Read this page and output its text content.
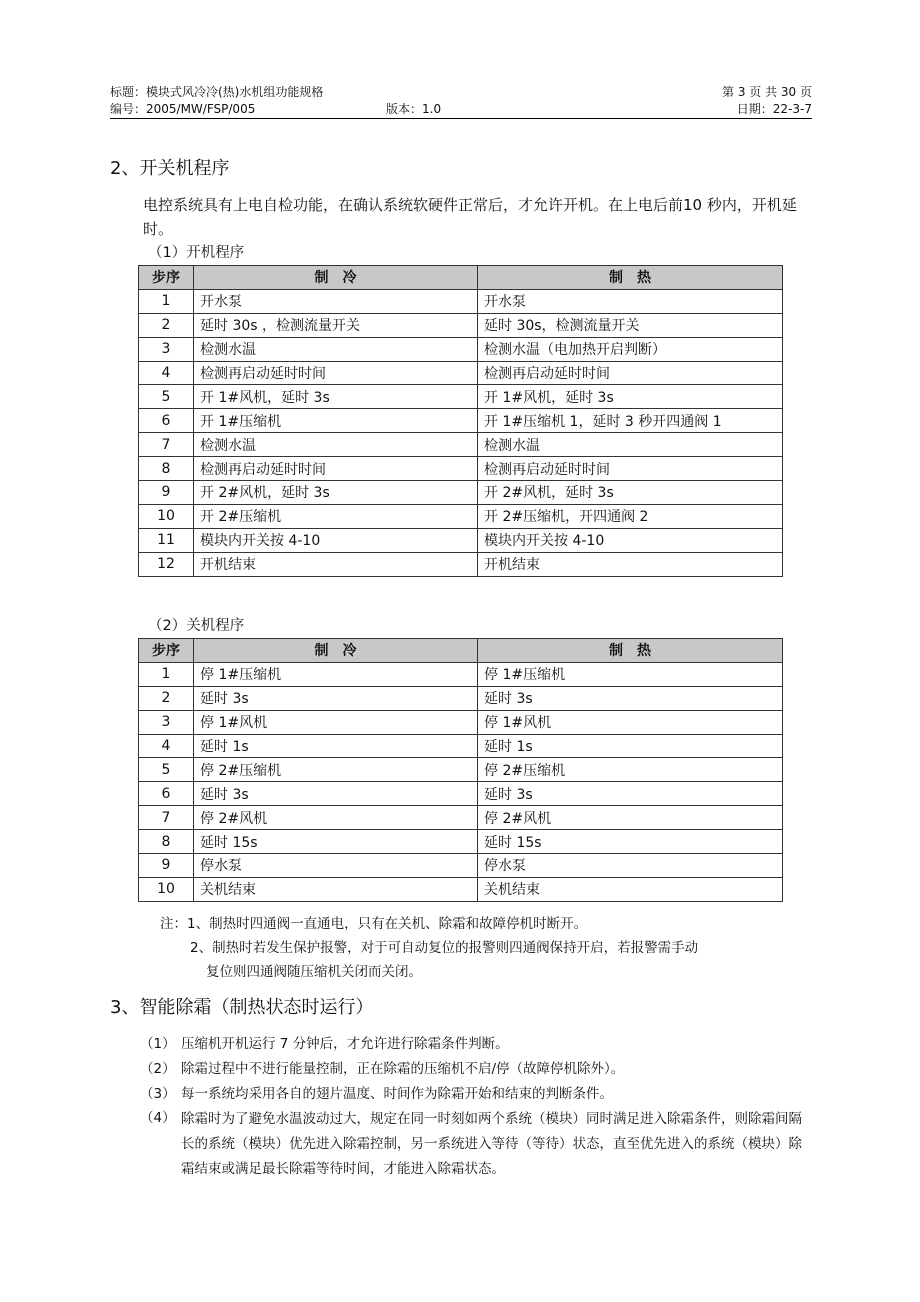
标题：模块式风冷冷(热)水机组功能规格	第 3 页 共 30 页
编号：2005/MW/FSP/005	版本：1.0	日期：22-3-7
2、开关机程序
电控系统具有上电自检功能，在确认系统软硬件正常后，才允许开机。在上电后前10 秒内，开机延时。
（1）开机程序
步序	制　冷	制　热
1	开水泵	开水泵
2	延时 30s ，检测流量开关	延时 30s，检测流量开关
3	检测水温	检测水温（电加热开启判断）
4	检测再启动延时时间	检测再启动延时时间
5	开 1#风机，延时 3s	开 1#风机，延时 3s
6	开 1#压缩机	开 1#压缩机 1，延时 3 秒开四通阀 1
7	检测水温	检测水温
8	检测再启动延时时间	检测再启动延时时间
9	开 2#风机，延时 3s	开 2#风机，延时 3s
10	开 2#压缩机	开 2#压缩机，开四通阀 2
11	模块内开关按 4-10	模块内开关按 4-10
12	开机结束	开机结束
（2）关机程序
步序	制　冷	制　热
1	停 1#压缩机	停 1#压缩机
2	延时 3s	延时 3s
3	停 1#风机	停 1#风机
4	延时 1s	延时 1s
5	停 2#压缩机	停 2#压缩机
6	延时 3s	延时 3s
7	停 2#风机	停 2#风机
8	延时 15s	延时 15s
9	停水泵	停水泵
10	关机结束	关机结束
注：1、制热时四通阀一直通电，只有在关机、除霜和故障停机时断开。
2、制热时若发生保护报警，对于可自动复位的报警则四通阀保持开启，若报警需手动
复位则四通阀随压缩机关闭而关闭。
3、智能除霜（制热状态时运行）
（1） 压缩机开机运行 7 分钟后，才允许进行除霜条件判断。
（2） 除霜过程中不进行能量控制，正在除霜的压缩机不启/停（故障停机除外）。
（3） 每一系统均采用各自的翅片温度、时间作为除霜开始和结束的判断条件。
（4） 除霜时为了避免水温波动过大，规定在同一时刻如两个系统（模块）同时满足进入除霜条件，则除霜间隔长的系统（模块）优先进入除霜控制，另一系统进入等待（等待）状态，直至优先进入的系统（模块）除霜结束或满足最长除霜等待时间，才能进入除霜状态。
